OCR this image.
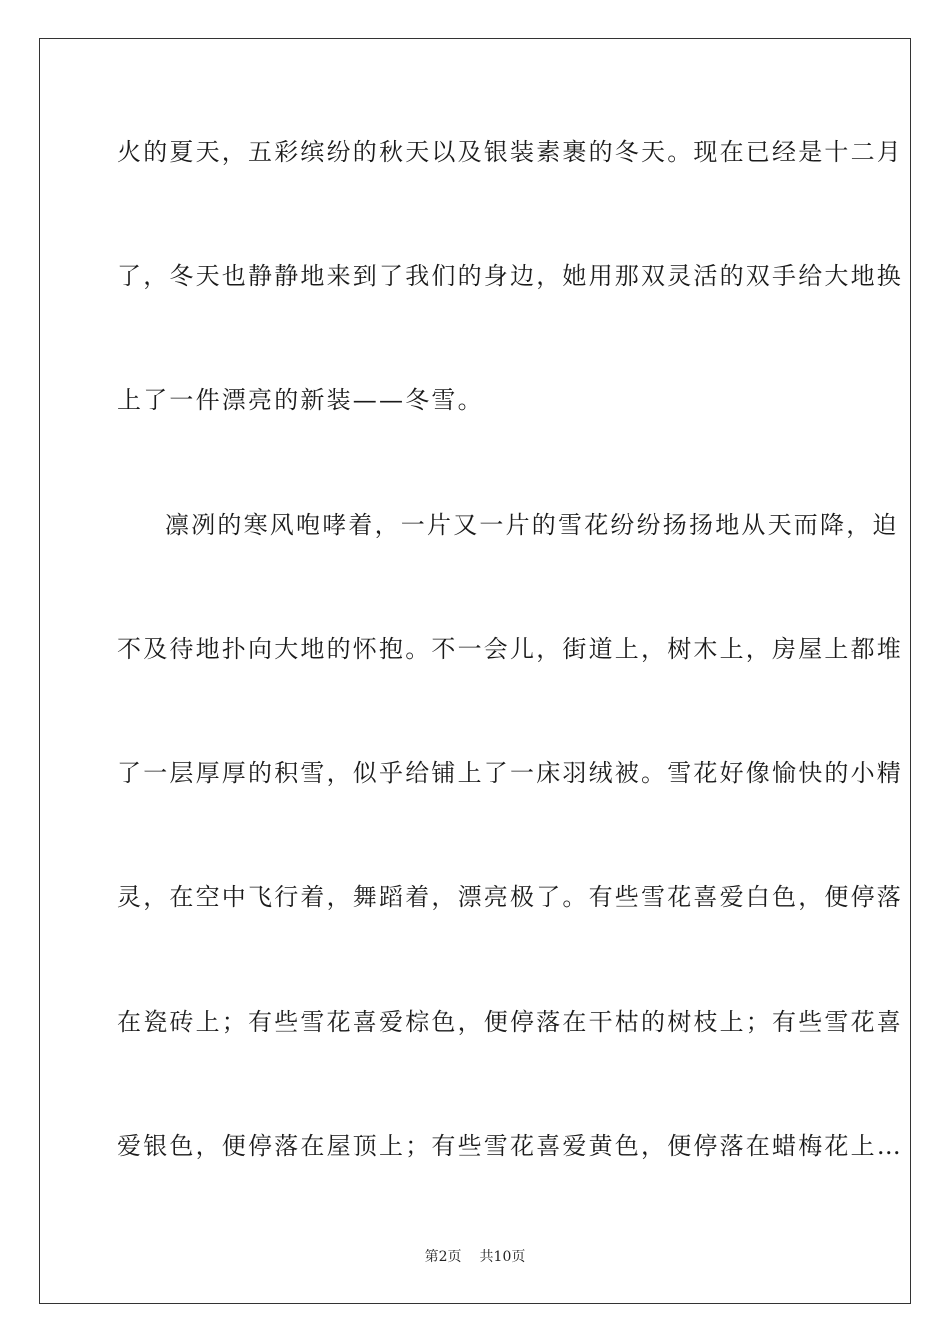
火的夏天，五彩缤纷的秋天以及银装素裹的冬天。现在已经是十二月
了，冬天也静静地来到了我们的身边，她用那双灵活的双手给大地换
上了一件漂亮的新装——冬雪。
凛冽的寒风咆哮着，一片又一片的雪花纷纷扬扬地从天而降，迫
不及待地扑向大地的怀抱。不一会儿，街道上，树木上，房屋上都堆
了一层厚厚的积雪，似乎给铺上了一床羽绒被。雪花好像愉快的小精
灵，在空中飞行着，舞蹈着，漂亮极了。有些雪花喜爱白色，便停落
在瓷砖上；有些雪花喜爱棕色，便停落在干枯的树枝上；有些雪花喜
爱银色，便停落在屋顶上；有些雪花喜爱黄色，便停落在蜡梅花上…
第2页 共10页
